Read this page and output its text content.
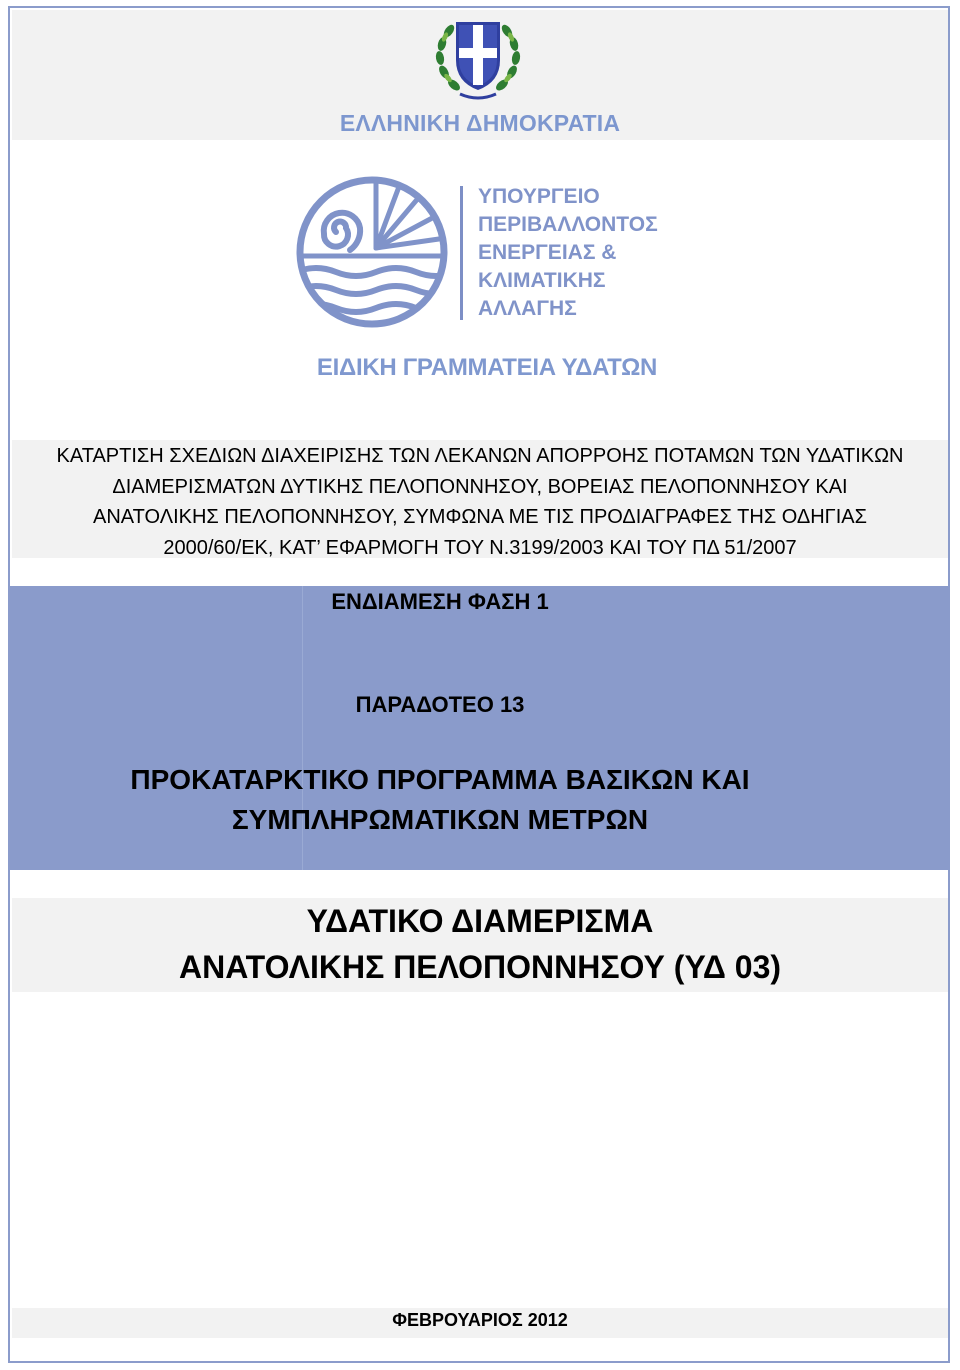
ΕΛΛΗΝΙΚΗ ΔΗΜΟΚΡΑΤΙΑ
ΥΠΟΥΡΓΕΙΟ
ΠΕΡΙΒΑΛΛΟΝΤΟΣ
ΕΝΕΡΓΕΙΑΣ &
ΚΛΙΜΑΤΙΚΗΣ
ΑΛΛΑΓΗΣ
ΕΙΔΙΚΗ ΓΡΑΜΜΑΤΕΙΑ ΥΔΑΤΩΝ
ΚΑΤΑΡΤΙΣΗ ΣΧΕΔΙΩΝ ΔΙΑΧΕΙΡΙΣΗΣ ΤΩΝ ΛΕΚΑΝΩΝ ΑΠΟΡΡΟΗΣ ΠΟΤΑΜΩΝ ΤΩΝ ΥΔΑΤΙΚΩΝ
ΔΙΑΜΕΡΙΣΜΑΤΩΝ ΔΥΤΙΚΗΣ ΠΕΛΟΠΟΝΝΗΣΟΥ, ΒΟΡΕΙΑΣ ΠΕΛΟΠΟΝΝΗΣΟΥ ΚΑΙ
ΑΝΑΤΟΛΙΚΗΣ ΠΕΛΟΠΟΝΝΗΣΟΥ, ΣΥΜΦΩΝΑ ΜΕ ΤΙΣ ΠΡΟΔΙΑΓΡΑΦΕΣ ΤΗΣ ΟΔΗΓΙΑΣ
2000/60/ΕΚ, ΚΑΤ’ ΕΦΑΡΜΟΓΗ ΤΟΥ Ν.3199/2003 ΚΑΙ ΤΟΥ ΠΔ 51/2007
ΕΝΔΙΑΜΕΣΗ ΦΑΣΗ 1
ΠΑΡΑΔΟΤΕΟ 13
ΠΡΟΚΑΤΑΡΚΤΙΚΟ ΠΡΟΓΡΑΜΜΑ ΒΑΣΙΚΩΝ ΚΑΙ
ΣΥΜΠΛΗΡΩΜΑΤΙΚΩΝ ΜΕΤΡΩΝ
ΥΔΑΤΙΚΟ ΔΙΑΜΕΡΙΣΜΑ
ΑΝΑΤΟΛΙΚΗΣ ΠΕΛΟΠΟΝΝΗΣΟΥ (ΥΔ 03)
ΦΕΒΡΟΥΑΡΙΟΣ 2012
